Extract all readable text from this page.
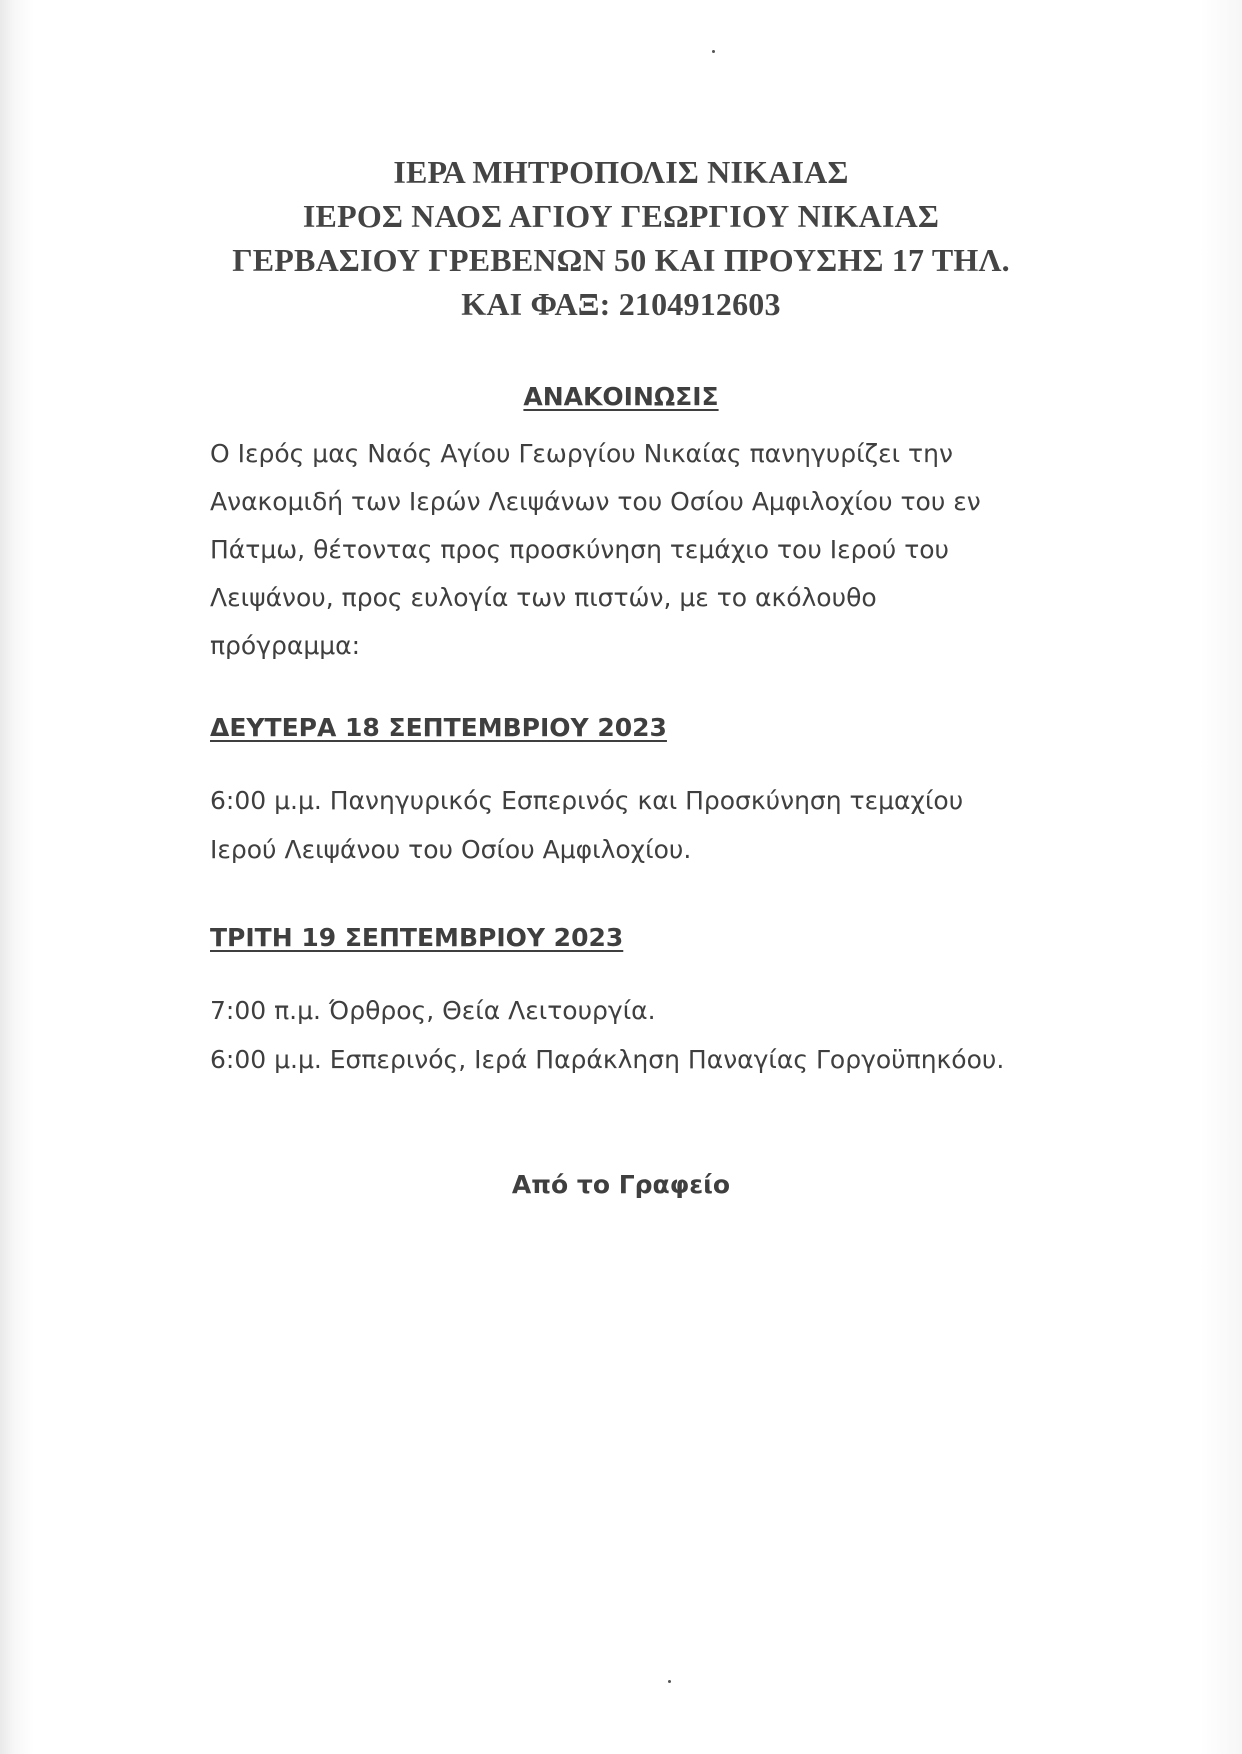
ΙΕΡΑ ΜΗΤΡΟΠΟΛΙΣ ΝΙΚΑΙΑΣ
ΙΕΡΟΣ ΝΑΟΣ ΑΓΙΟΥ ΓΕΩΡΓΙΟΥ ΝΙΚΑΙΑΣ
ΓΕΡΒΑΣΙΟΥ ΓΡΕΒΕΝΩΝ 50 ΚΑΙ ΠΡΟΥΣΗΣ 17 ΤΗΛ.
ΚΑΙ ΦΑΞ: 2104912603
ΑΝΑΚΟΙΝΩΣΙΣ
Ο Ιερός μας Ναός Αγίου Γεωργίου Νικαίας πανηγυρίζει την
Ανακομιδή των Ιερών Λειψάνων του Οσίου Αμφιλοχίου του εν
Πάτμω, θέτοντας προς προσκύνηση τεμάχιο του Ιερού του
Λειψάνου, προς ευλογία των πιστών, με το ακόλουθο
πρόγραμμα:
ΔΕΥΤΕΡΑ 18 ΣΕΠΤΕΜΒΡΙΟΥ 2023
6:00 μ.μ. Πανηγυρικός Εσπερινός και Προσκύνηση τεμαχίου
Ιερού Λειψάνου του Οσίου Αμφιλοχίου.
ΤΡΙΤΗ 19 ΣΕΠΤΕΜΒΡΙΟΥ 2023
7:00 π.μ. Όρθρος, Θεία Λειτουργία.
6:00 μ.μ. Εσπερινός, Ιερά Παράκληση Παναγίας Γοργοϋπηκόου.
Από το Γραφείο
